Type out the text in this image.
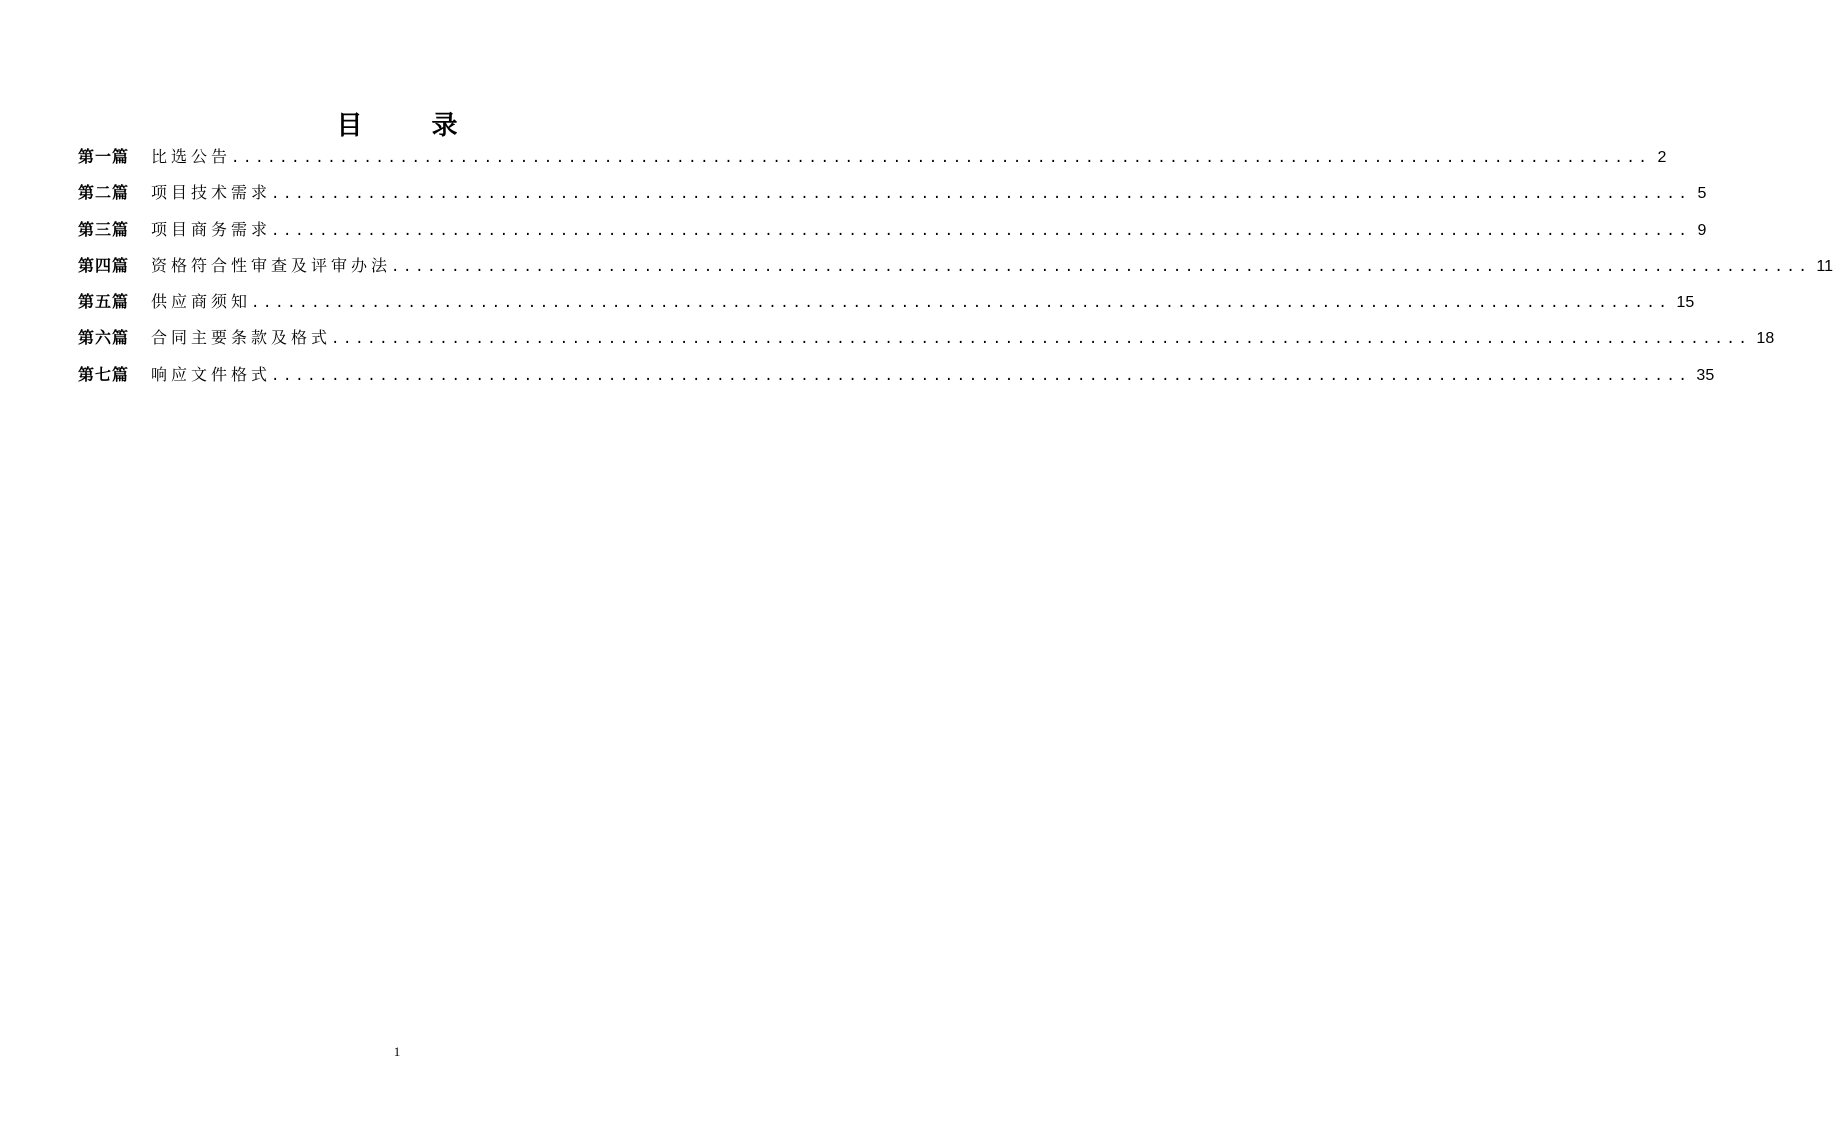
目 录
第一篇 比选公告 ...................................................................................................................... 2
第二篇 项目技术需求 ...................................................................................................................... 5
第三篇 项目商务需求 ...................................................................................................................... 9
第四篇 资格符合性审查及评审办法 ...................................................................................................................... 11
第五篇 供应商须知 ...................................................................................................................... 15
第六篇 合同主要条款及格式 ...................................................................................................................... 18
第七篇 响应文件格式 ...................................................................................................................... 35
1
